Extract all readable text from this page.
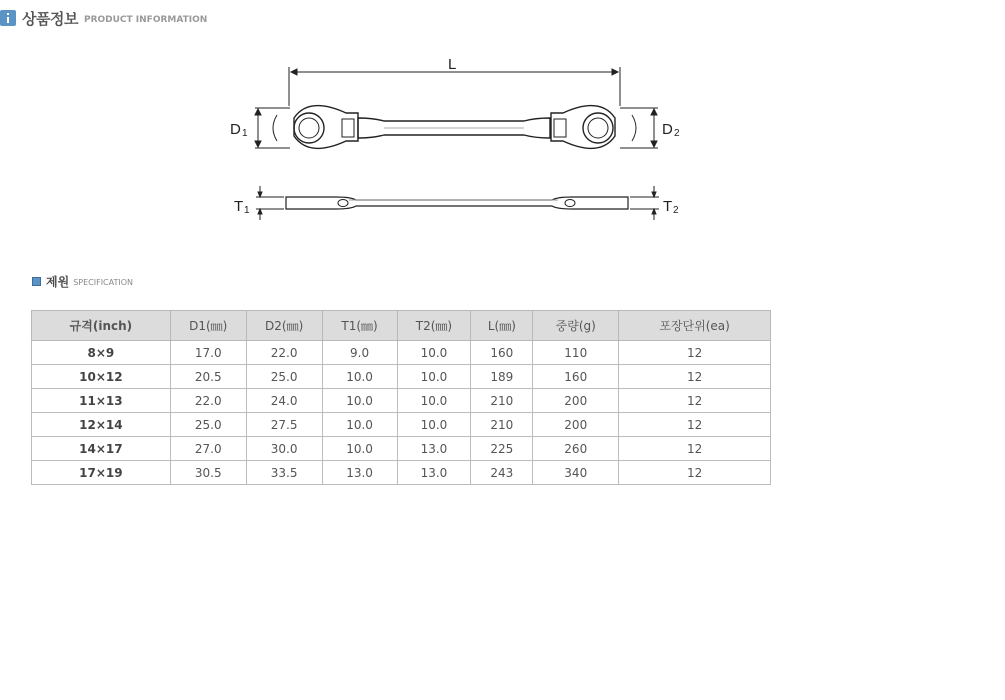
상품정보 PRODUCT INFORMATION
L
D 1	D 2
T 1	T 2
제원 SPECIFICATION
규격(inch)	D1(㎜)	D2(㎜)	T1(㎜)	T2(㎜)	L(㎜)	중량(g)	포장단위(ea)
8×9	17.0	22.0	9.0	10.0	160	110	12
10×12	20.5	25.0	10.0	10.0	189	160	12
11×13	22.0	24.0	10.0	10.0	210	200	12
12×14	25.0	27.5	10.0	10.0	210	200	12
14×17	27.0	30.0	10.0	13.0	225	260	12
17×19	30.5	33.5	13.0	13.0	243	340	12
